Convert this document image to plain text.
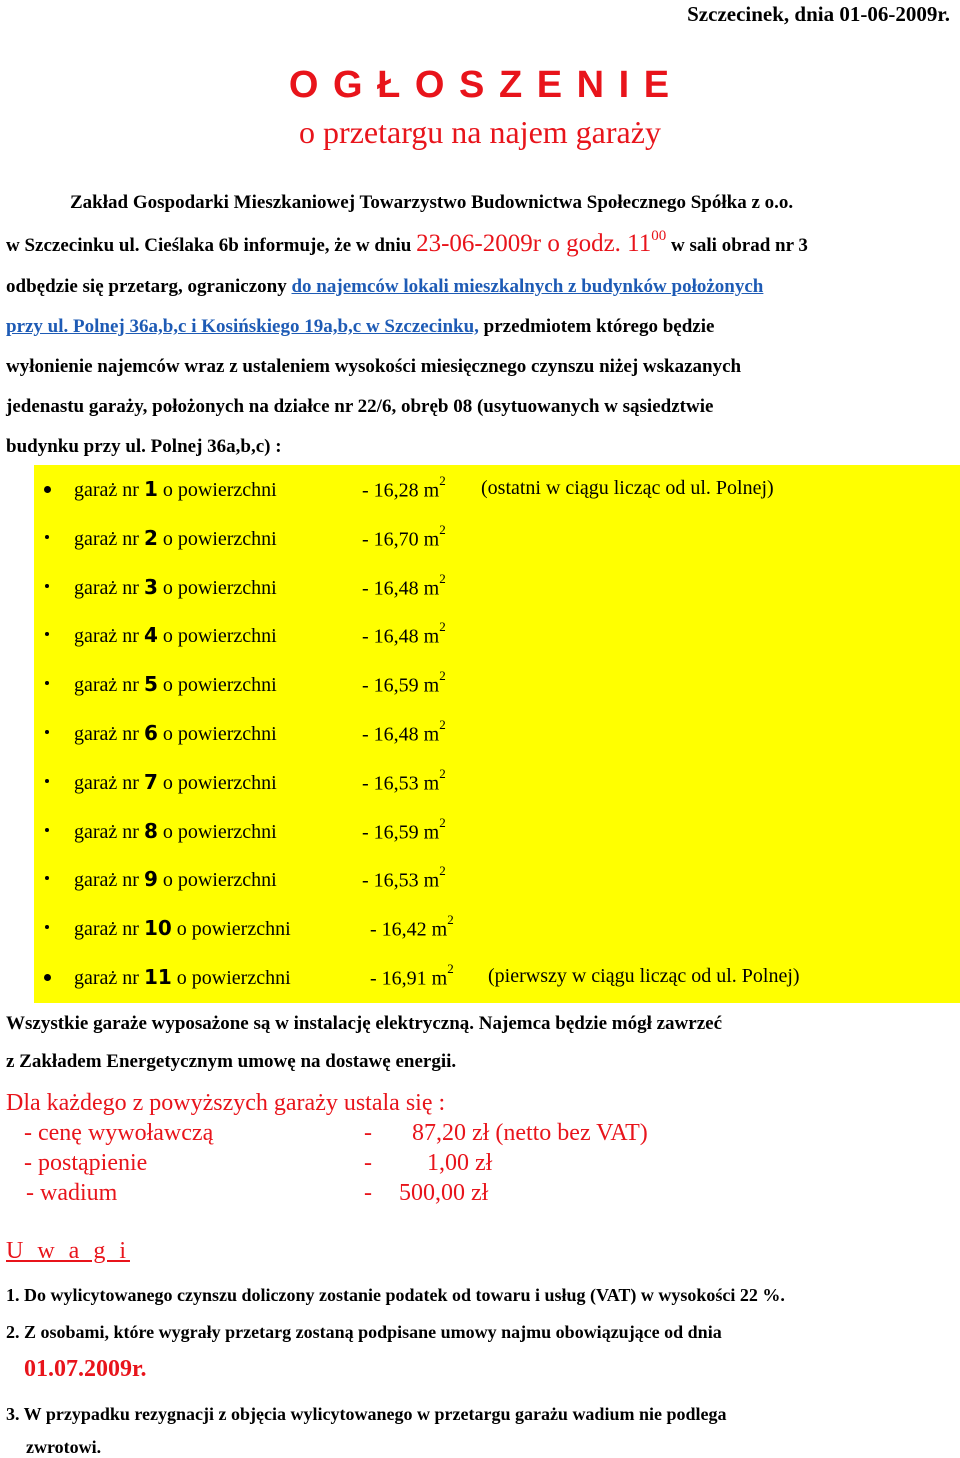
Szczecinek, dnia 01-06-2009r.
O G Ł O S Z E N I E
o przetargu na najem garaży
Zakład Gospodarki Mieszkaniowej Towarzystwo Budownictwa Społecznego Spółka z o.o.
w Szczecinku ul. Cieślaka 6b informuje, że w dniu 23-06-2009r o godz. $11^{00}$ w sali obrad nr 3
odbędzie się przetarg, ograniczony do najemców lokali mieszkalnych z budynków położonych
przy ul. Polnej 36a,b,c i Kosińskiego 19a,b,c w Szczecinku, przedmiotem którego będzie
wyłonienie najemców wraz z ustaleniem wysokości miesięcznego czynszu niżej wskazanych
jedenastu garaży, położonych na działce nr 22/6, obręb 08 (usytuowanych w sąsiedztwie
budynku przy ul. Polnej 36a,b,c) :
garaż nr 1 o powierzchni	- 16,28 $m^2$ (ostatni w ciągu licząc od ul. Polnej)
garaż nr 2 o powierzchni	- 16,70 $m^2$
garaż nr 3 o powierzchni	- 16,48 $m^2$
garaż nr 4 o powierzchni	- 16,48 $m^2$
garaż nr 5 o powierzchni	- 16,59 $m^2$
garaż nr 6 o powierzchni	- 16,48 $m^2$
garaż nr 7 o powierzchni	- 16,53 $m^2$
garaż nr 8 o powierzchni	- 16,59 $m^2$
garaż nr 9 o powierzchni	- 16,53 $m^2$
garaż nr 10 o powierzchni	- 16,42 $m^2$
garaż nr 11 o powierzchni	- 16,91 $m^2$ (pierwszy w ciągu licząc od ul. Polnej)
Wszystkie garaże wyposażone są w instalację elektryczną. Najemca będzie mógł zawrzeć
z Zakładem Energetycznym umowę na dostawę energii.
Dla każdego z powyższych garaży ustala się :
- cenę wywoławczą	- 87,20 zł (netto bez VAT)
- postąpienie	- 1,00 zł
- wadium	- 500,00 zł
U w a g i
1. Do wylicytowanego czynszu doliczony zostanie podatek od towaru i usług (VAT) w wysokości 22 %.
2. Z osobami, które wygrały przetarg zostaną podpisane umowy najmu obowiązujące od dnia
01.07.2009r.
3. W przypadku rezygnacji z objęcia wylicytowanego w przetargu garażu wadium nie podlega
zwrotowi.
